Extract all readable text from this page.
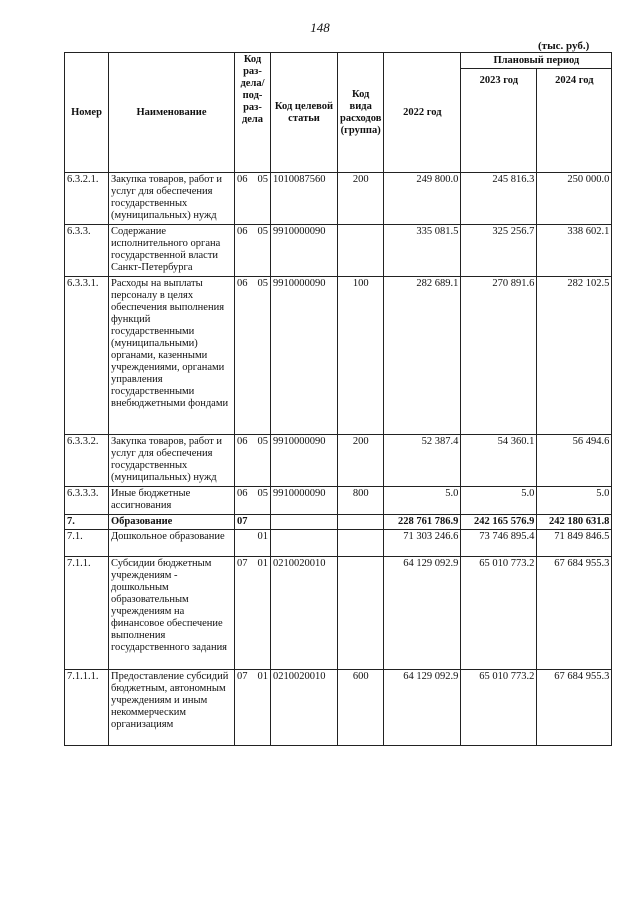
148
(тыс. руб.)
Номер	Наименование	Код раз-дела/ под-раз-дела	Код целевой статьи	Код вида расходов (группа)	2022 год	Плановый период	
						2023 год	2024 год
6.3.2.1.	Закупка товаров, работ и услуг для обеспечения государственных (муниципальных) нужд	06 05	1010087560	200	249 800.0	245 816.3	250 000.0
6.3.3.	Содержание исполнительного органа государственной власти Санкт-Петербурга	06 05	9910000090		335 081.5	325 256.7	338 602.1
6.3.3.1.	Расходы на выплаты персоналу в целях обеспечения выполнения функций государственными (муниципальными) органами, казенными учреждениями, органами управления государственными внебюджетными фондами	06 05	9910000090	100	282 689.1	270 891.6	282 102.5
6.3.3.2.	Закупка товаров, работ и услуг для обеспечения государственных (муниципальных) нужд	06 05	9910000090	200	52 387.4	54 360.1	56 494.6
6.3.3.3.	Иные бюджетные ассигнования	06 05	9910000090	800	5.0	5.0	5.0
7.	Образование	07			228 761 786.9	242 165 576.9	242 180 631.8
7.1.	Дошкольное образование	01			71 303 246.6	73 746 895.4	71 849 846.5
7.1.1.	Субсидии бюджетным учреждениям - дошкольным образовательным учреждениям на финансовое обеспечение выполнения государственного задания	07 01	0210020010		64 129 092.9	65 010 773.2	67 684 955.3
7.1.1.1.	Предоставление субсидий бюджетным, автономным учреждениям и иным некоммерческим организациям	07 01	0210020010	600	64 129 092.9	65 010 773.2	67 684 955.3
